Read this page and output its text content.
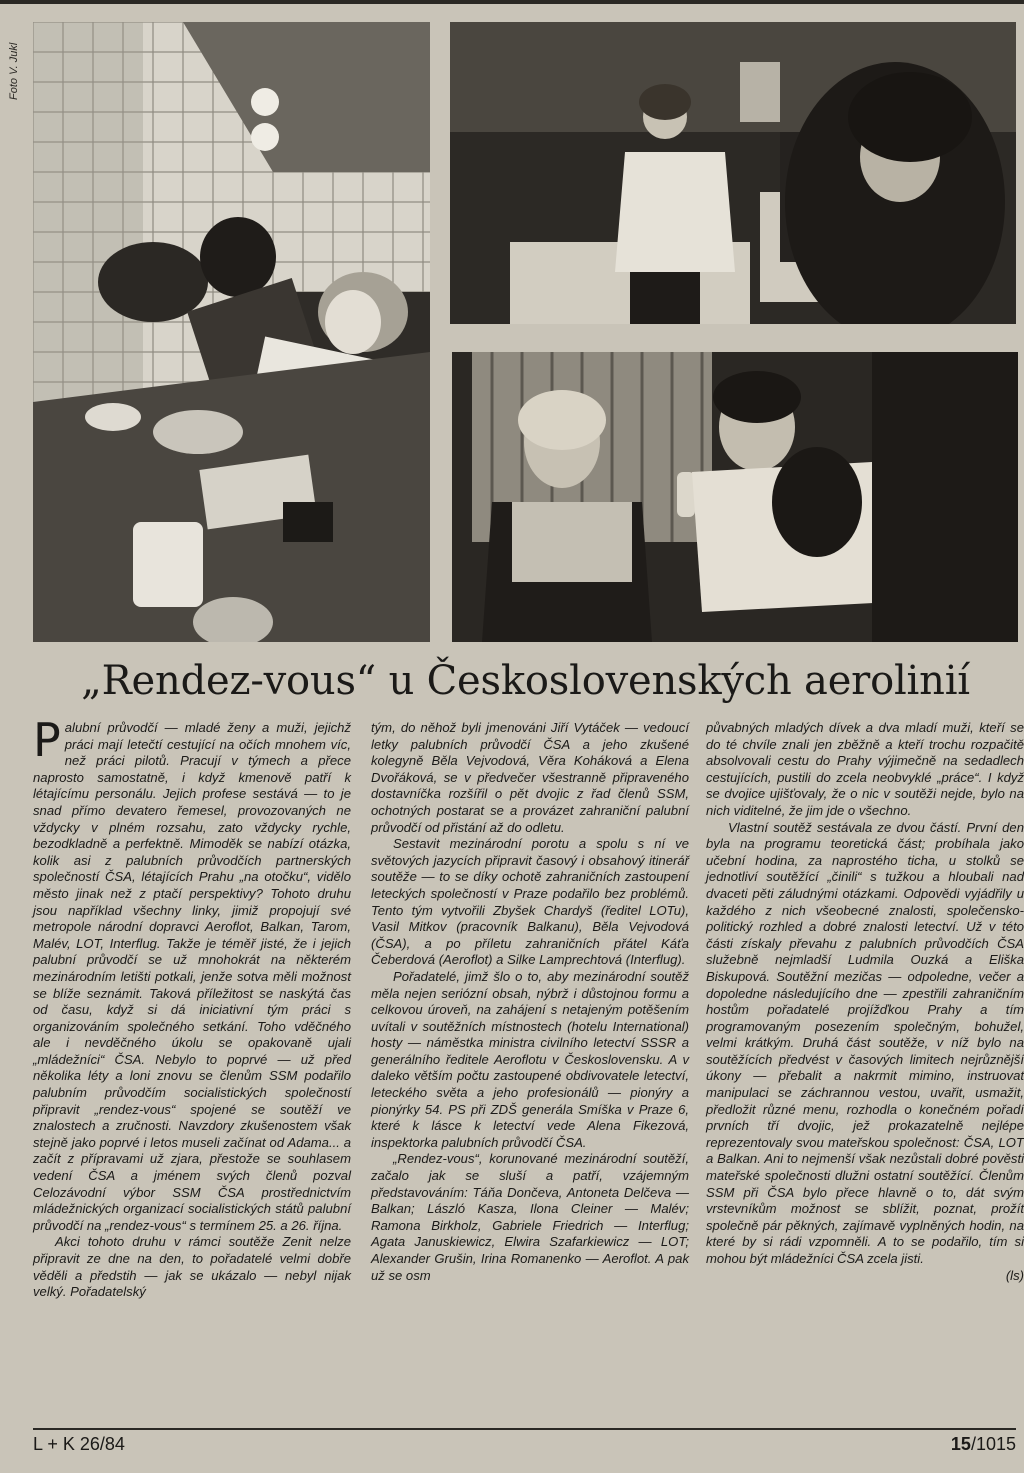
Foto V. Jukl
„Rendez-vous“ u Československých aerolinií

Palubní průvodčí — mladé ženy a muži, jejichž práci mají letečtí cestující na očích mnohem víc, než práci pilotů. Pracují v týmech a přece naprosto samostatně, i když kmenově patří k létajícímu personálu. Jejich profese sestává — to je snad přímo devatero řemesel, provozovaných ne vždycky v plném rozsahu, zato vždycky rychle, bezodkladně a perfektně. Mimoděk se nabízí otázka, kolik asi z palubních průvodčích partnerských společností ČSA, létajících Prahu „na otočku“, vidělo město jinak než z ptačí perspektivy? Tohoto druhu jsou například všechny linky, jimiž propojují své metropole národní dopravci Aeroflot, Balkan, Tarom, Malév, LOT, Interflug. Takže je téměř jisté, že i jejich palubní průvodčí se už mnohokrát na některém mezinárodním letišti potkali, jenže sotva měli možnost se blíže seznámit. Taková příležitost se naskýtá čas od času, když si dá iniciativní tým práci s organizováním společného setkání. Toho vděčného ale i nevděčného úkolu se opakovaně ujali „mládežníci“ ČSA. Nebylo to poprvé — už před několika léty a loni znovu se členům SSM podařilo palubním průvodčím socialistických společností připravit „rendez-vous“ spojené se soutěží ve znalostech a zručnosti. Navzdory zkušenostem však stejně jako poprvé i letos museli začínat od Adama... a začít z přípravami už zjara, přestože se souhlasem vedení ČSA a jménem svých členů pozval Celozávodní výbor SSM ČSA prostřednictvím mládežnických organizací socialistických států palubní průvodčí na „rendez-vous“ s termínem 25. a 26. října.

Akci tohoto druhu v rámci soutěže Zenit nelze připravit ze dne na den, to pořadatelé velmi dobře věděli a předstih — jak se ukázalo — nebyl nijak velký. Pořadatelský

tým, do něhož byli jmenováni Jiří Vytáček — vedoucí letky palubních průvodčí ČSA a jeho zkušené kolegyně Běla Vejvodová, Věra Koháková a Elena Dvořáková, se v předvečer všestranně připraveného dostavníčka rozšířil o pět dvojic z řad členů SSM, ochotných postarat se a provázet zahraniční palubní průvodčí od přistání až do odletu.

Sestavit mezinárodní porotu a spolu s ní ve světových jazycích připravit časový i obsahový itinerář soutěže — to se díky ochotě zahraničních zastoupení leteckých společností v Praze podařilo bez problémů. Tento tým vytvořili Zbyšek Chardyš (ředitel LOTu), Vasil Mitkov (pracovník Balkanu), Běla Vejvodová (ČSA), a po příletu zahraničních přátel Káťa Čeberdová (Aeroflot) a Silke Lamprechtová (Interflug).

Pořadatelé, jimž šlo o to, aby mezinárodní soutěž měla nejen seriózní obsah, nýbrž i důstojnou formu a celkovou úroveň, na zahájení s netajeným potěšením uvítali v soutěžních místnostech (hotelu International) hosty — náměstka ministra civilního letectví SSSR a generálního ředitele Aeroflotu v Československu. A v daleko větším počtu zastoupené obdivovatele letectví, leteckého světa a jeho profesionálů — pionýry a pionýrky 54. PS při ZDŠ generála Smíška v Praze 6, které k lásce k letectví vede Alena Fikezová, inspektorka palubních průvodčí ČSA.

„Rendez-vous“, korunované mezinárodní soutěží, začalo jak se sluší a patří, vzájemným představováním: Táňa Dončeva, Antoneta Delčeva — Balkan; László Kasza, Ilona Cleiner — Malév; Ramona Birkholz, Gabriele Friedrich — Interflug; Agata Januskiewicz, Elwira Szafarkiewicz — LOT; Alexander Grušin, Irina Romanenko — Aeroflot. A pak už se osm

půvabných mladých dívek a dva mladí muži, kteří se do té chvíle znali jen zběžně a kteří trochu rozpačitě absolvovali cestu do Prahy výjimečně na sedadlech cestujících, pustili do zcela neobvyklé „práce“. I když se dvojice ujišťovaly, že o nic v soutěži nejde, bylo na nich viditelné, že jim jde o všechno.

Vlastní soutěž sestávala ze dvou částí. První den byla na programu teoretická část; probíhala jako učební hodina, za naprostého ticha, u stolků se jednotliví soutěžící „činili“ s tužkou a hloubali nad dvaceti pěti záludnými otázkami. Odpovědi vyjádřily u každého z nich všeobecné znalosti, společensko-politický rozhled a dobré znalosti letectví. Už v této části získaly převahu z palubních průvodčích ČSA služebně nejmladší Ludmila Ouzká a Eliška Biskupová. Soutěžní mezičas — odpoledne, večer a dopoledne následujícího dne — zpestřili zahraničním hostům pořadatelé projížďkou Prahy a tím programovaným posezením společným, bohužel, velmi krátkým. Druhá část soutěže, v níž bylo na soutěžících předvést v časových limitech nejrůznější úkony — přebalit a nakrmit mimino, instruovat manipulaci se záchrannou vestou, uvařit, usmažit, předložit různé menu, rozhodla o konečném pořadí prvních tří dvojic, jež prokazatelně nejlépe reprezentovaly svou mateřskou společnost: ČSA, LOT a Balkan. Ani to nejmenší však nezůstali dobré pověsti mateřské společnosti dlužni ostatní soutěžící. Členům SSM při ČSA bylo přece hlavně o to, dát svým vrstevníkům možnost se sblížit, poznat, prožít společně pár pěkných, zajímavě vyplněných hodin, na které by si rádi vzpomněli. A to se podařilo, tím si mohou být mládežníci ČSA zcela jisti.

(ls)

L + K 26/84	15/1015
